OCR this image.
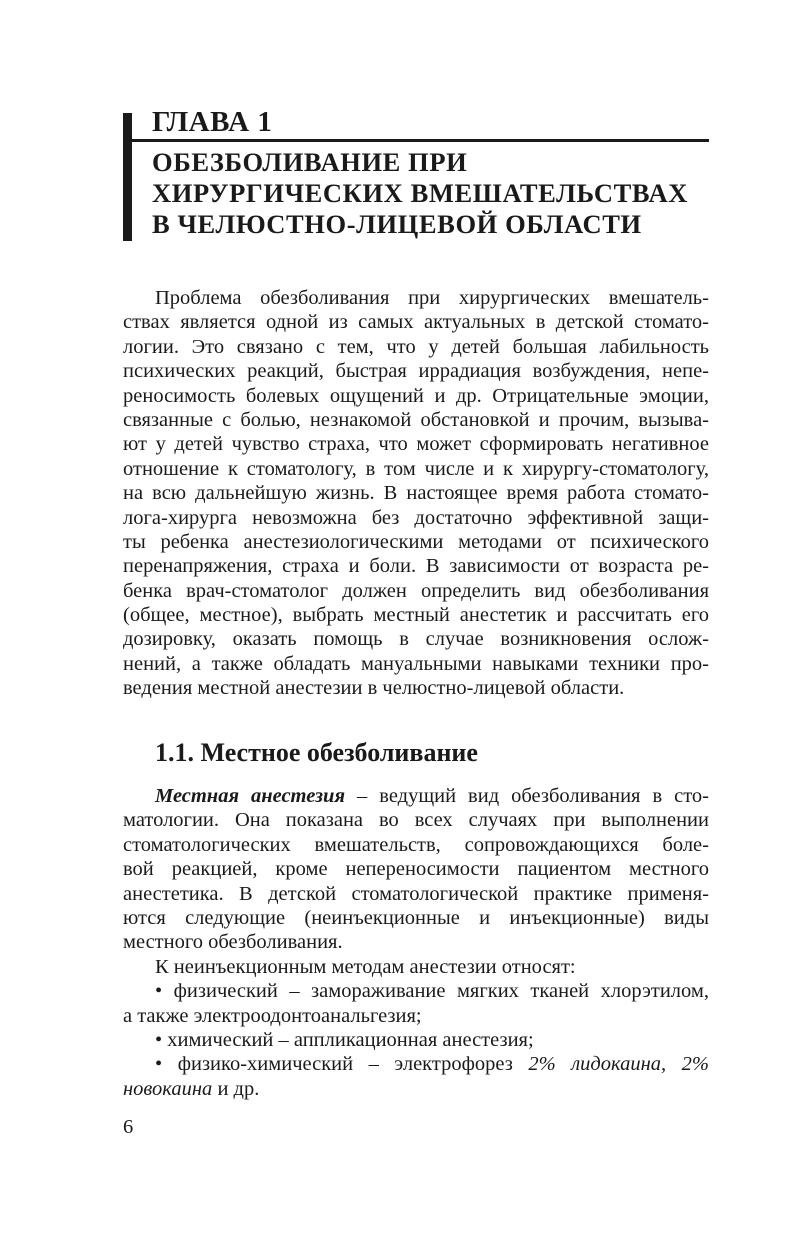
ГЛАВА 1
ОБЕЗБОЛИВАНИЕ ПРИ
ХИРУРГИЧЕСКИХ ВМЕШАТЕЛЬСТВАХ
В ЧЕЛЮСТНО-ЛИЦЕВОЙ ОБЛАСТИ
Проблема обезболивания при хирургических вмешатель-
ствах является одной из самых актуальных в детской стомато-
логии. Это связано с тем, что у детей большая лабильность
психических реакций, быстрая иррадиация возбуждения, непе-
реносимость болевых ощущений и др. Отрицательные эмоции,
связанные с болью, незнакомой обстановкой и прочим, вызыва-
ют у детей чувство страха, что может сформировать негативное
отношение к стоматологу, в том числе и к хирургу-стоматологу,
на всю дальнейшую жизнь. В настоящее время работа стомато-
лога-хирурга невозможна без достаточно эффективной защи-
ты ребенка анестезиологическими методами от психического
перенапряжения, страха и боли. В зависимости от возраста ре-
бенка врач-стоматолог должен определить вид обезболивания
(общее, местное), выбрать местный анестетик и рассчитать его
дозировку, оказать помощь в случае возникновения ослож-
нений, а также обладать мануальными навыками техники про-
ведения местной анестезии в челюстно-лицевой области.
1.1. Местное обезболивание
Местная анестезия – ведущий вид обезболивания в сто-
матологии. Она показана во всех случаях при выполнении
стоматологических вмешательств, сопровождающихся боле-
вой реакцией, кроме непереносимости пациентом местного
анестетика. В детской стоматологической практике применя-
ются следующие (неинъекционные и инъекционные) виды
местного обезболивания.
К неинъекционным методам анестезии относят:
• физический – замораживание мягких тканей хлорэтилом,
а также электроодонтоанальгезия;
• химический – аппликационная анестезия;
• физико-химический – электрофорез 2% лидокаина, 2%
новокаина и др.
6
